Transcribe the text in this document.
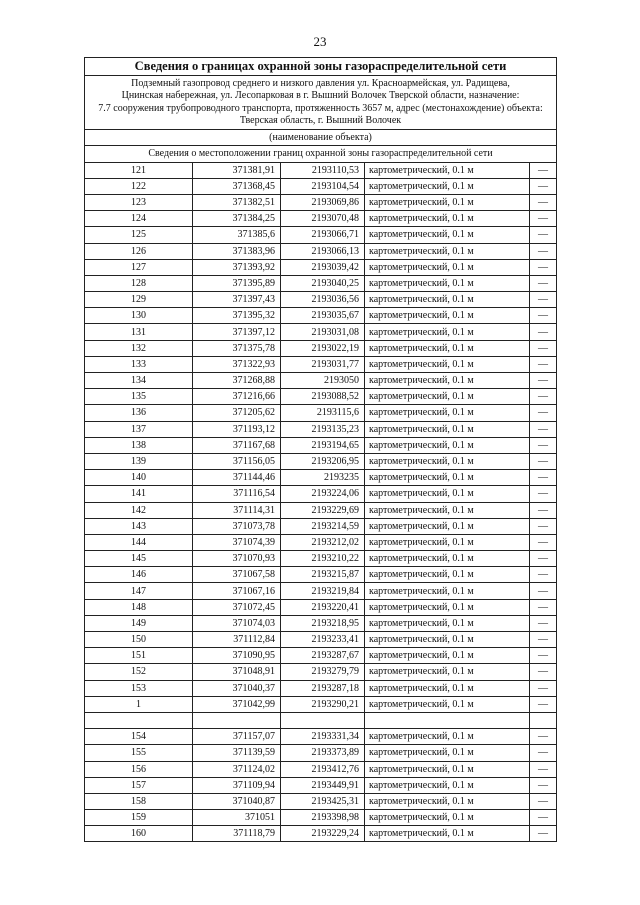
23
Сведения о границах охранной зоны газораспределительной сети				

Подземный газопровод среднего и низкого давления ул. Красноармейская, ул. Радищева,
Цнинская набережная, ул. Лесопарковая в г. Вышний Волочек Тверской области, назначение:
7.7 сооружения трубопроводного транспорта, протяженность 3657 м, адрес (местонахождение) объекта:
Тверская область, г. Вышний Волочек				

(наименование объекта)				
Сведения о местоположении границ охранной зоны газораспределительной сети				
121	371381,91	2193110,53	картометрический, 0.1 м	—
122	371368,45	2193104,54	картометрический, 0.1 м	—
123	371382,51	2193069,86	картометрический, 0.1 м	—
124	371384,25	2193070,48	картометрический, 0.1 м	—
125	371385,6	2193066,71	картометрический, 0.1 м	—
126	371383,96	2193066,13	картометрический, 0.1 м	—
127	371393,92	2193039,42	картометрический, 0.1 м	—
128	371395,89	2193040,25	картометрический, 0.1 м	—
129	371397,43	2193036,56	картометрический, 0.1 м	—
130	371395,32	2193035,67	картометрический, 0.1 м	—
131	371397,12	2193031,08	картометрический, 0.1 м	—
132	371375,78	2193022,19	картометрический, 0.1 м	—
133	371322,93	2193031,77	картометрический, 0.1 м	—
134	371268,88	2193050	картометрический, 0.1 м	—
135	371216,66	2193088,52	картометрический, 0.1 м	—
136	371205,62	2193115,6	картометрический, 0.1 м	—
137	371193,12	2193135,23	картометрический, 0.1 м	—
138	371167,68	2193194,65	картометрический, 0.1 м	—
139	371156,05	2193206,95	картометрический, 0.1 м	—
140	371144,46	2193235	картометрический, 0.1 м	—
141	371116,54	2193224,06	картометрический, 0.1 м	—
142	371114,31	2193229,69	картометрический, 0.1 м	—
143	371073,78	2193214,59	картометрический, 0.1 м	—
144	371074,39	2193212,02	картометрический, 0.1 м	—
145	371070,93	2193210,22	картометрический, 0.1 м	—
146	371067,58	2193215,87	картометрический, 0.1 м	—
147	371067,16	2193219,84	картометрический, 0.1 м	—
148	371072,45	2193220,41	картометрический, 0.1 м	—
149	371074,03	2193218,95	картометрический, 0.1 м	—
150	371112,84	2193233,41	картометрический, 0.1 м	—
151	371090,95	2193287,67	картометрический, 0.1 м	—
152	371048,91	2193279,79	картометрический, 0.1 м	—
153	371040,37	2193287,18	картометрический, 0.1 м	—
1	371042,99	2193290,21	картометрический, 0.1 м	—

154	371157,07	2193331,34	картометрический, 0.1 м	—
155	371139,59	2193373,89	картометрический, 0.1 м	—
156	371124,02	2193412,76	картометрический, 0.1 м	—
157	371109,94	2193449,91	картометрический, 0.1 м	—
158	371040,87	2193425,31	картометрический, 0.1 м	—
159	371051	2193398,98	картометрический, 0.1 м	—
160	371118,79	2193229,24	картометрический, 0.1 м	—
